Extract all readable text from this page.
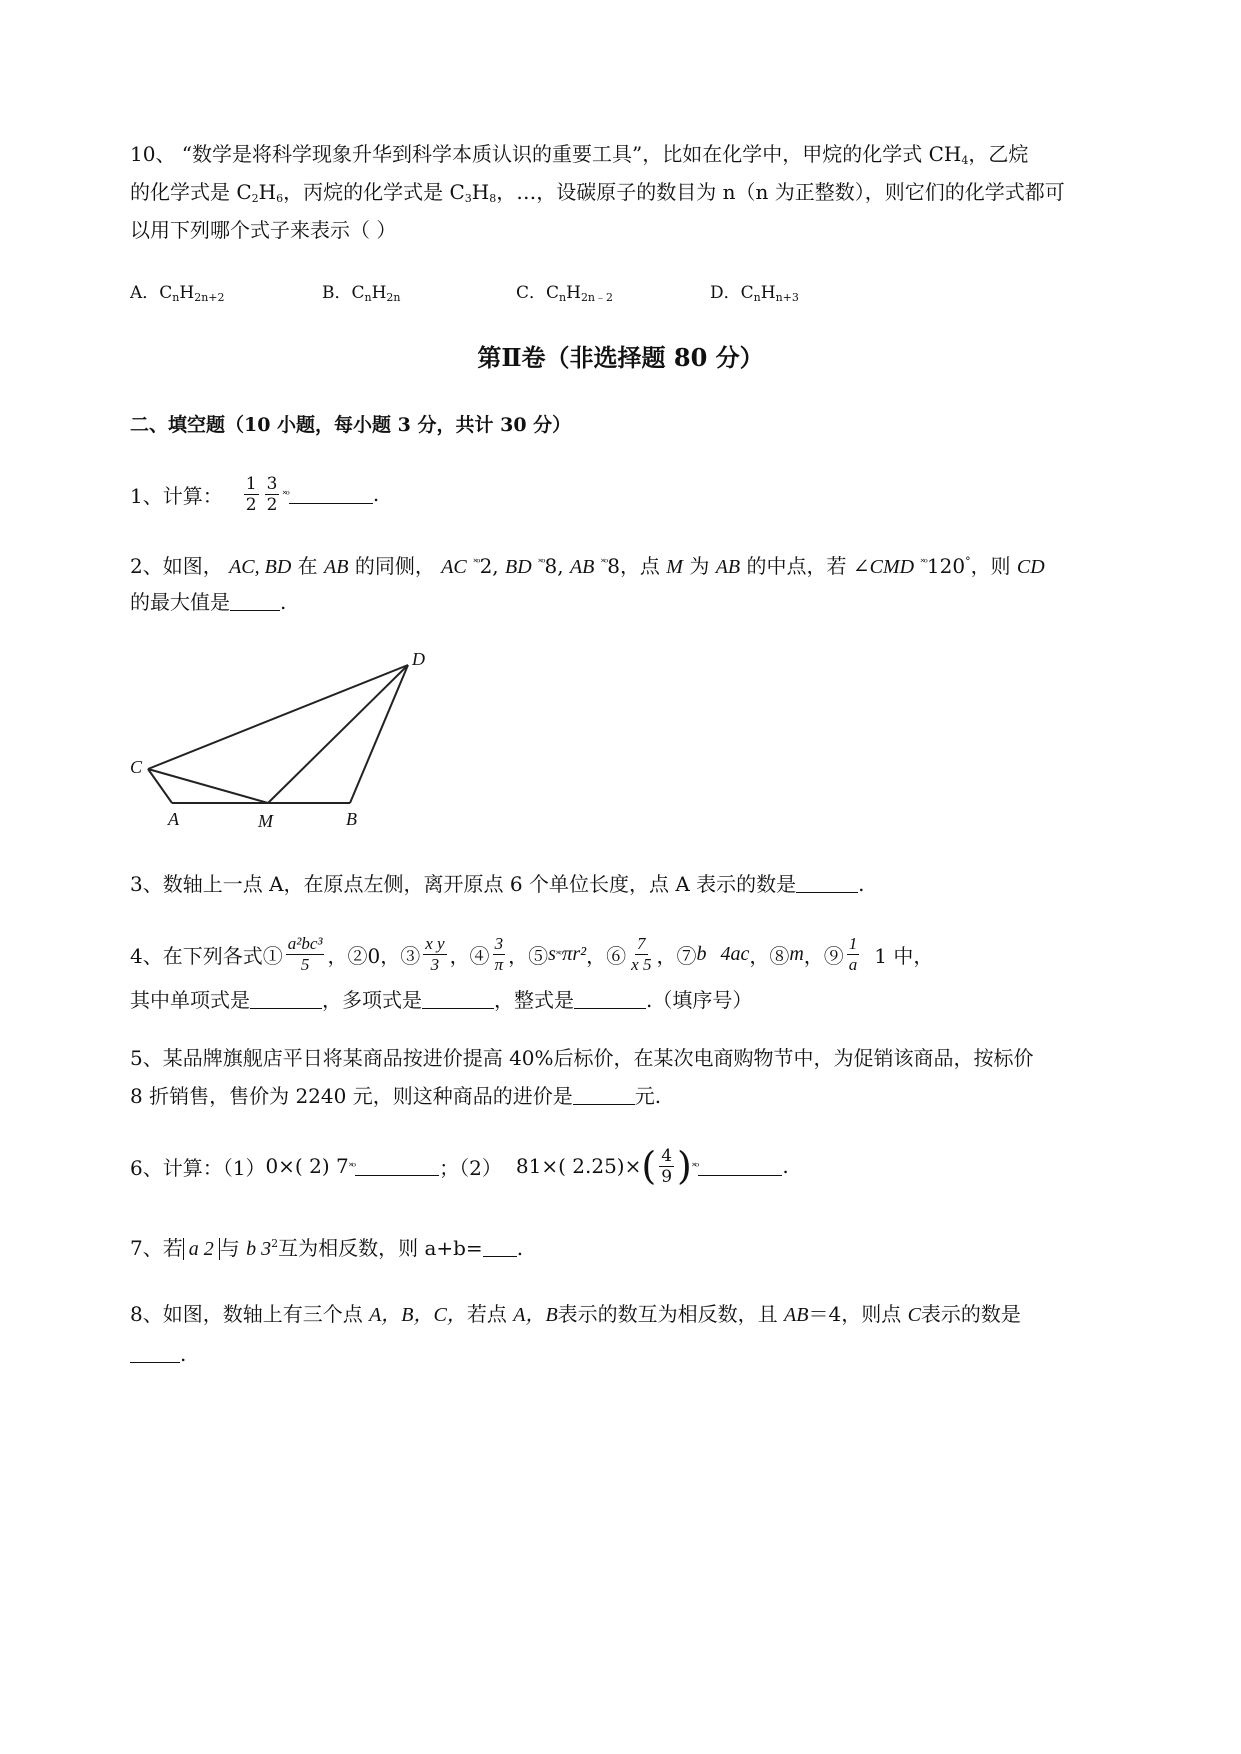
10、 “数学是将科学现象升华到科学本质认识的重要工具”，比如在化学中，甲烷的化学式 $CH_4$，乙烷
的化学式是 $C_2H_6$，丙烷的化学式是 $C_3H_8$，…，设碳原子的数目为 n（n 为正整数），则它们的化学式都可
以用下列哪个式子来表示（ ）
A．$C_nH_{2n+2}$	B．$C_nH_{2n}$	C．$C_nH_{2n﹣2}$	D．$C_nH_{n+3}$
第Ⅱ卷（非选择题 80 分）
二、填空题（10 小题，每小题 3 分，共计 30 分）
1、计算： $\frac{1}{2} \frac{3}{2}$ ˟ᵒ	.
2、如图， AC, BD 在 AB 的同侧， AC $^{˟ᵒ}$2, BD $^{˟ᵒ}$8, AB $^{˟ᵒ}$8，点 M 为 AB 的中点，若 ∠CMD $^{˟ᵒ}$120°，则 CD
的最大值是	.
C
D
A	M	B
3、数轴上一点 A，在原点左侧，离开原点 6 个单位长度，点 A 表示的数是	.
4、在下列各式① $\frac{\text{a²bc³}}{5}$ ，②0，③ $\frac{\text{x y}}{3}$ ，④ $\frac{3}{\pi}$ ，⑤ s ˟ᵒ πr² ，⑥ $\frac{7}{x 5}$ ，⑦ b 4ac ，⑧ m ，⑨ $\frac{1}{a} 1$ 中，
其中单项式是	，多项式是	，整式是	.（填序号）
5、某品牌旗舰店平日将某商品按进价提高 40%后标价，在某次电商购物节中，为促销该商品，按标价
8 折销售，售价为 2240 元，则这种商品的进价是	元.
6、计算：（1） 0×( 2) 7 ˟ᵒ	；（2） 81×( 2.25)× ( $\frac{4}{9}$ ) ˟ᵒ	.
7、若 a 2 与 b $3^2$互为相反数，则 a+b= .
8、如图，数轴上有三个点 A，B，C，若点 A，B表示的数互为相反数，且 AB＝4，则点 C表示的数是
.
